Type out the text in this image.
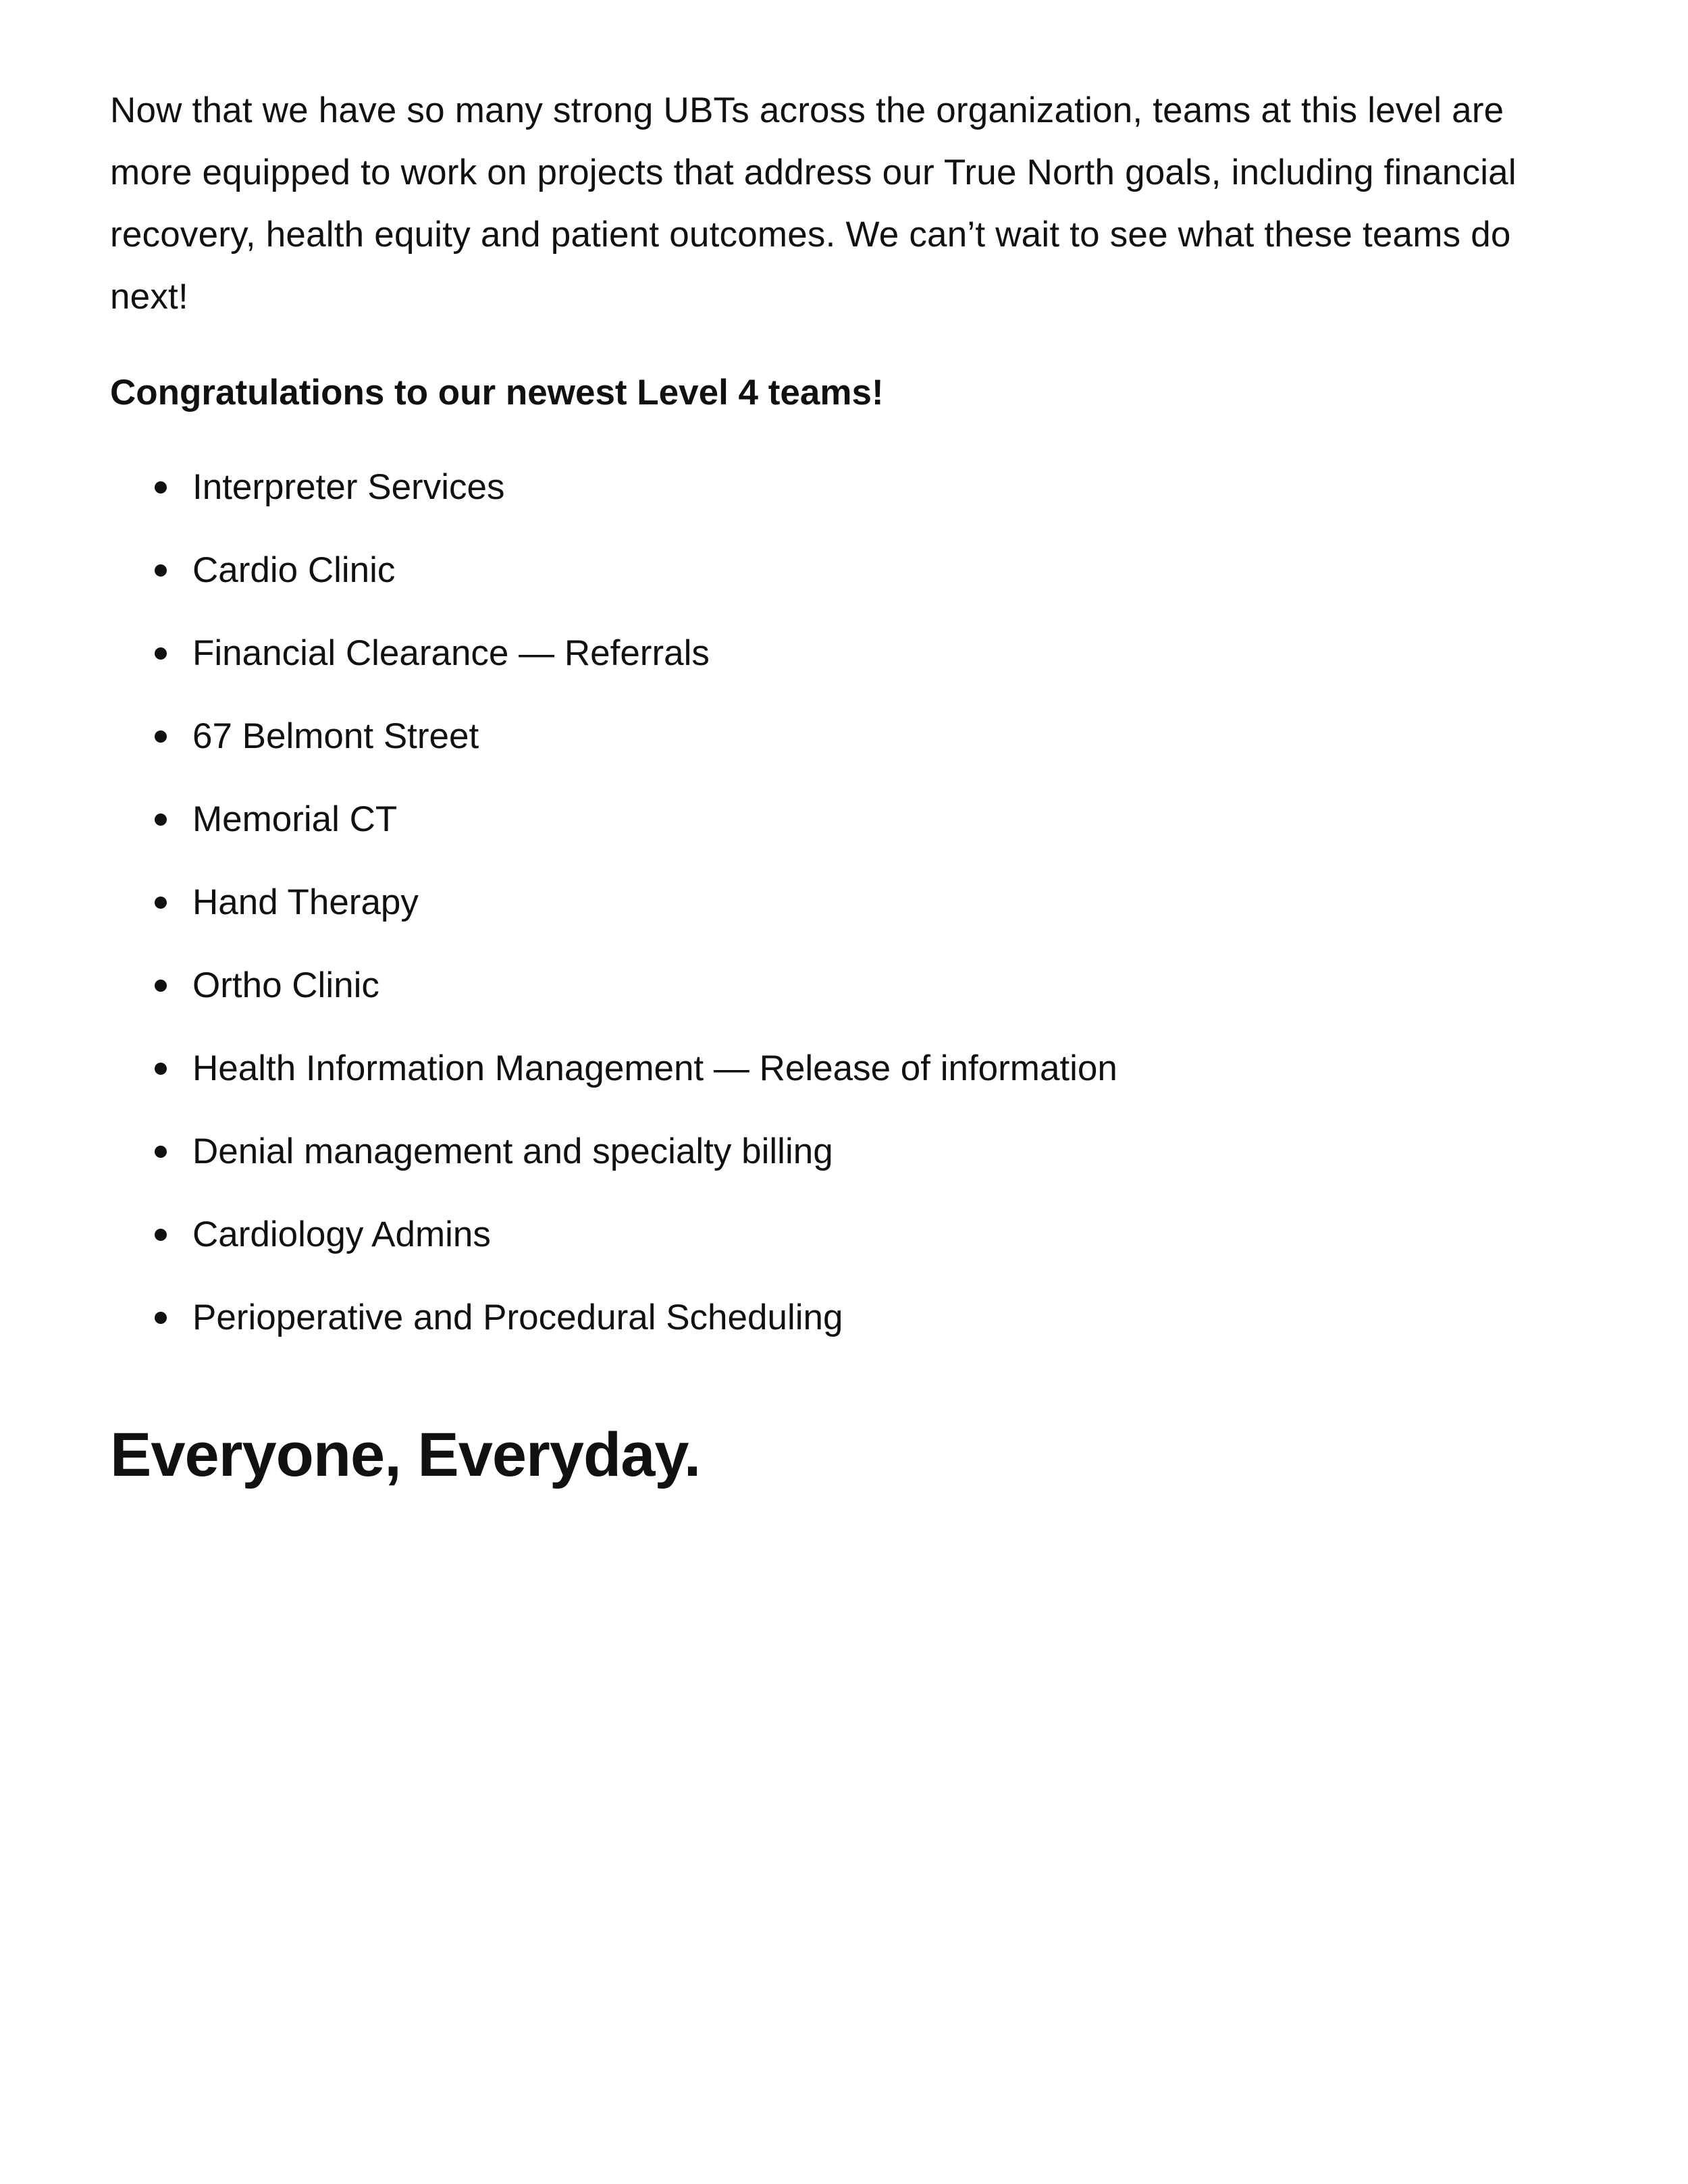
Now that we have so many strong UBTs across the organization, teams at this level are more equipped to work on projects that address our True North goals, including financial recovery, health equity and patient outcomes. We can’t wait to see what these teams do next!

Congratulations to our newest Level 4 teams!

Interpreter Services
Cardio Clinic
Financial Clearance — Referrals
67 Belmont Street
Memorial CT
Hand Therapy
Ortho Clinic
Health Information Management — Release of information
Denial management and specialty billing
Cardiology Admins
Perioperative and Procedural Scheduling
Everyone, Everyday.
